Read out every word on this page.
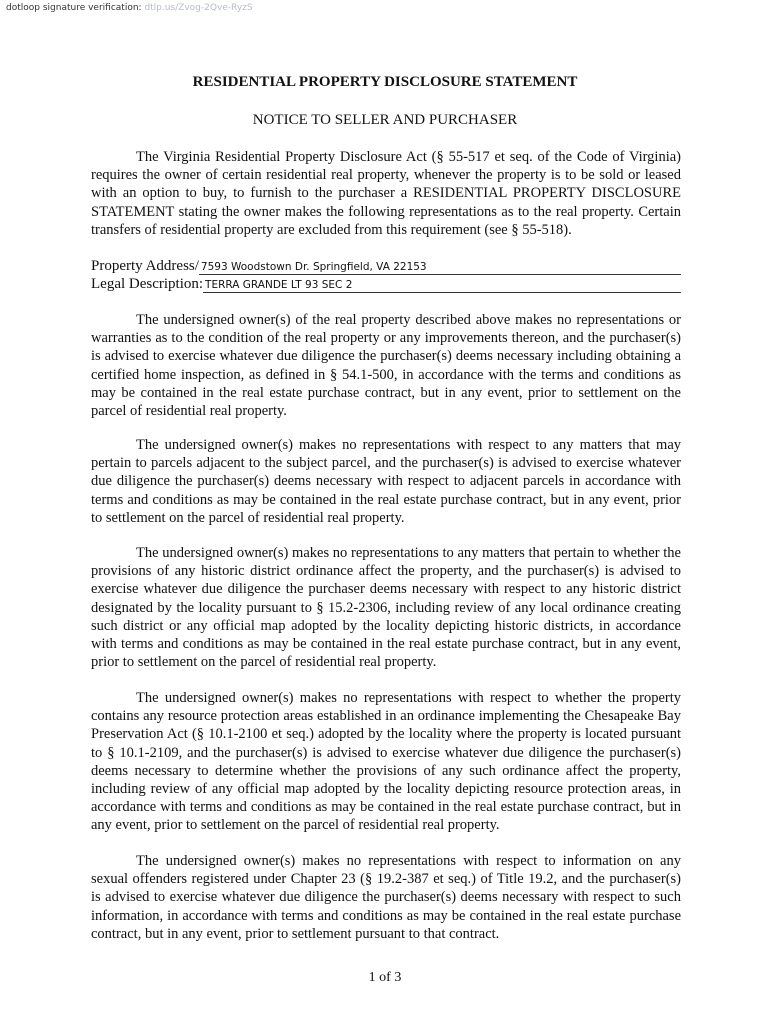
dotloop signature verification: dtlp.us/Zvog-2Qve-RyzS
RESIDENTIAL PROPERTY DISCLOSURE STATEMENT
NOTICE TO SELLER AND PURCHASER

The Virginia Residential Property Disclosure Act (§ 55-517 et seq. of the Code of Virginia) requires the owner of certain residential real property, whenever the property is to be sold or leased with an option to buy, to furnish to the purchaser a RESIDENTIAL PROPERTY DISCLOSURE STATEMENT stating the owner makes the following representations as to the real property. Certain transfers of residential property are excluded from this requirement (see § 55-518).

Property Address/ 7593 Woodstown Dr. Springfield, VA 22153
Legal Description: TERRA GRANDE LT 93 SEC 2

The undersigned owner(s) of the real property described above makes no representations or warranties as to the condition of the real property or any improvements thereon, and the purchaser(s) is advised to exercise whatever due diligence the purchaser(s) deems necessary including obtaining a certified home inspection, as defined in § 54.1-500, in accordance with the terms and conditions as may be contained in the real estate purchase contract, but in any event, prior to settlement on the parcel of residential real property.

The undersigned owner(s) makes no representations with respect to any matters that may pertain to parcels adjacent to the subject parcel, and the purchaser(s) is advised to exercise whatever due diligence the purchaser(s) deems necessary with respect to adjacent parcels in accordance with terms and conditions as may be contained in the real estate purchase contract, but in any event, prior to settlement on the parcel of residential real property.

The undersigned owner(s) makes no representations to any matters that pertain to whether the provisions of any historic district ordinance affect the property, and the purchaser(s) is advised to exercise whatever due diligence the purchaser deems necessary with respect to any historic district designated by the locality pursuant to § 15.2-2306, including review of any local ordinance creating such district or any official map adopted by the locality depicting historic districts, in accordance with terms and conditions as may be contained in the real estate purchase contract, but in any event, prior to settlement on the parcel of residential real property.

The undersigned owner(s) makes no representations with respect to whether the property contains any resource protection areas established in an ordinance implementing the Chesapeake Bay Preservation Act (§ 10.1-2100 et seq.) adopted by the locality where the property is located pursuant to § 10.1-2109, and the purchaser(s) is advised to exercise whatever due diligence the purchaser(s) deems necessary to determine whether the provisions of any such ordinance affect the property, including review of any official map adopted by the locality depicting resource protection areas, in accordance with terms and conditions as may be contained in the real estate purchase contract, but in any event, prior to settlement on the parcel of residential real property.

The undersigned owner(s) makes no representations with respect to information on any sexual offenders registered under Chapter 23 (§ 19.2-387 et seq.) of Title 19.2, and the purchaser(s) is advised to exercise whatever due diligence the purchaser(s) deems necessary with respect to such information, in accordance with terms and conditions as may be contained in the real estate purchase contract, but in any event, prior to settlement pursuant to that contract.

1 of 3
